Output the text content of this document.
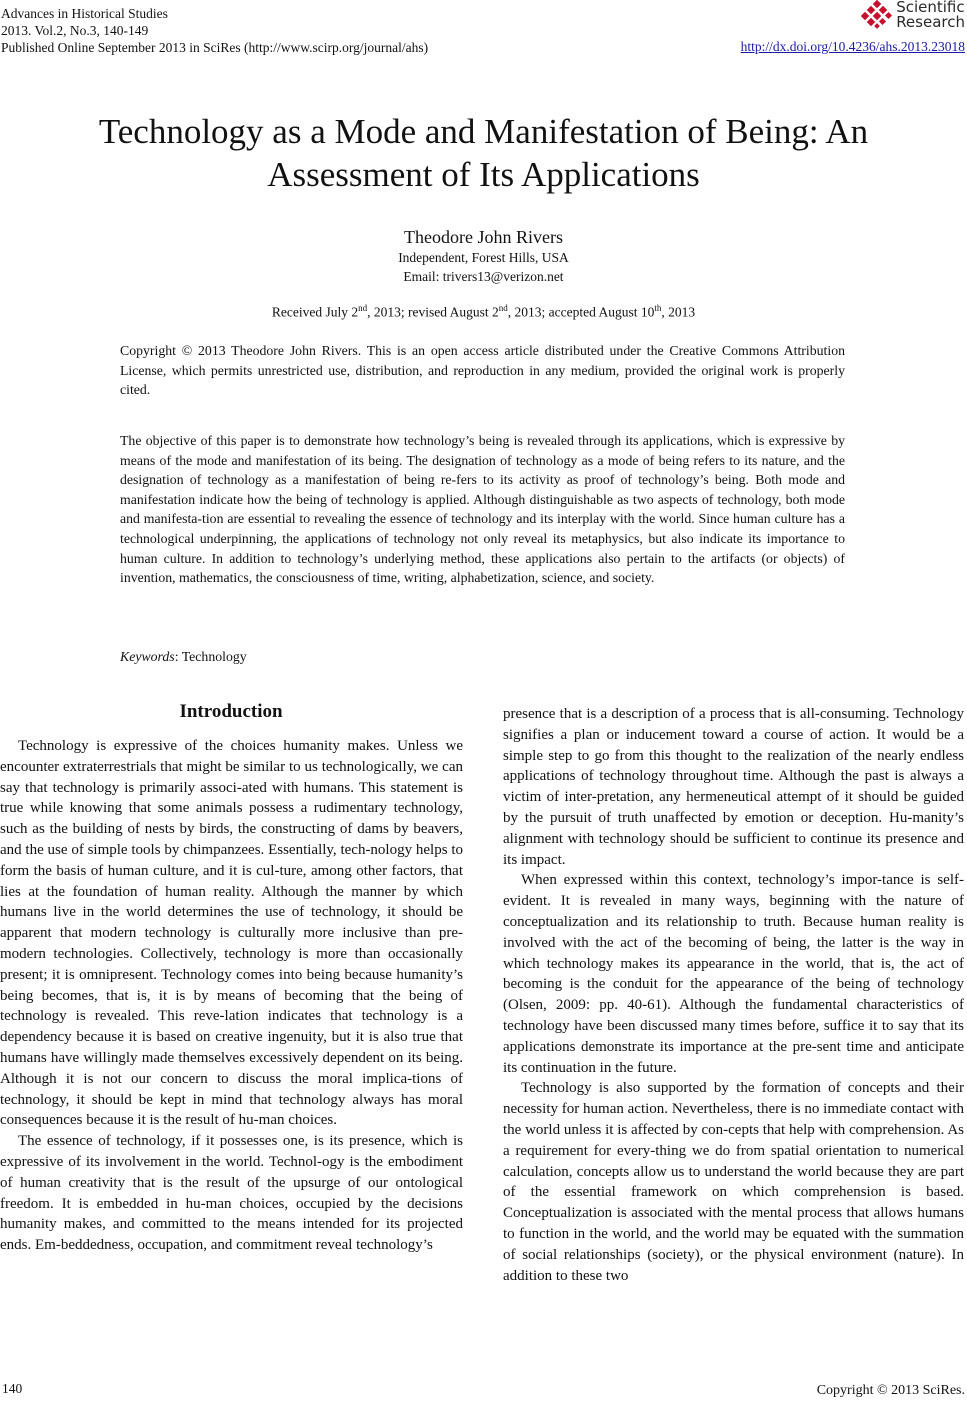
Advances in Historical Studies
2013. Vol.2, No.3, 140-149
Published Online September 2013 in SciRes (http://www.scirp.org/journal/ahs)
Scientific
Research
http://dx.doi.org/10.4236/ahs.2013.23018
Technology as a Mode and Manifestation of Being: An
Assessment of Its Applications
Theodore John Rivers
Independent, Forest Hills, USA
Email: trivers13@verizon.net
Received July 2nd, 2013; revised August 2nd, 2013; accepted August 10th, 2013
Copyright © 2013 Theodore John Rivers. This is an open access article distributed under the Creative Commons Attribution License, which permits unrestricted use, distribution, and reproduction in any medium, provided the original work is properly cited.
The objective of this paper is to demonstrate how technology’s being is revealed through its applications, which is expressive by means of the mode and manifestation of its being. The designation of technology as a mode of being refers to its nature, and the designation of technology as a manifestation of being re-fers to its activity as proof of technology’s being. Both mode and manifestation indicate how the being of technology is applied. Although distinguishable as two aspects of technology, both mode and manifesta-tion are essential to revealing the essence of technology and its interplay with the world. Since human culture has a technological underpinning, the applications of technology not only reveal its metaphysics, but also indicate its importance to human culture. In addition to technology’s underlying method, these applications also pertain to the artifacts (or objects) of invention, mathematics, the consciousness of time, writing, alphabetization, science, and society.
Keywords: Technology
Introduction

Technology is expressive of the choices humanity makes. Unless we encounter extraterrestrials that might be similar to us technologically, we can say that technology is primarily associ-ated with humans. This statement is true while knowing that some animals possess a rudimentary technology, such as the building of nests by birds, the constructing of dams by beavers, and the use of simple tools by chimpanzees. Essentially, tech-nology helps to form the basis of human culture, and it is cul-ture, among other factors, that lies at the foundation of human reality. Although the manner by which humans live in the world determines the use of technology, it should be apparent that modern technology is culturally more inclusive than pre-modern technologies. Collectively, technology is more than occasionally present; it is omnipresent. Technology comes into being because humanity’s being becomes, that is, it is by means of becoming that the being of technology is revealed. This reve-lation indicates that technology is a dependency because it is based on creative ingenuity, but it is also true that humans have willingly made themselves excessively dependent on its being. Although it is not our concern to discuss the moral implica-tions of technology, it should be kept in mind that technology always has moral consequences because it is the result of hu-man choices.

The essence of technology, if it possesses one, is its presence, which is expressive of its involvement in the world. Technol-ogy is the embodiment of human creativity that is the result of the upsurge of our ontological freedom. It is embedded in hu-man choices, occupied by the decisions humanity makes, and committed to the means intended for its projected ends. Em-beddedness, occupation, and commitment reveal technology’s

presence that is a description of a process that is all-consuming. Technology signifies a plan or inducement toward a course of action. It would be a simple step to go from this thought to the realization of the nearly endless applications of technology throughout time. Although the past is always a victim of inter-pretation, any hermeneutical attempt of it should be guided by the pursuit of truth unaffected by emotion or deception. Hu-manity’s alignment with technology should be sufficient to continue its presence and its impact.

When expressed within this context, technology’s impor-tance is self-evident. It is revealed in many ways, beginning with the nature of conceptualization and its relationship to truth. Because human reality is involved with the act of the becoming of being, the latter is the way in which technology makes its appearance in the world, that is, the act of becoming is the conduit for the appearance of the being of technology (Olsen, 2009: pp. 40-61). Although the fundamental characteristics of technology have been discussed many times before, suffice it to say that its applications demonstrate its importance at the pre-sent time and anticipate its continuation in the future.

Technology is also supported by the formation of concepts and their necessity for human action. Nevertheless, there is no immediate contact with the world unless it is affected by con-cepts that help with comprehension. As a requirement for every-thing we do from spatial orientation to numerical calculation, concepts allow us to understand the world because they are part of the essential framework on which comprehension is based. Conceptualization is associated with the mental process that allows humans to function in the world, and the world may be equated with the summation of social relationships (society), or the physical environment (nature). In addition to these two

140	Copyright © 2013 SciRes.
